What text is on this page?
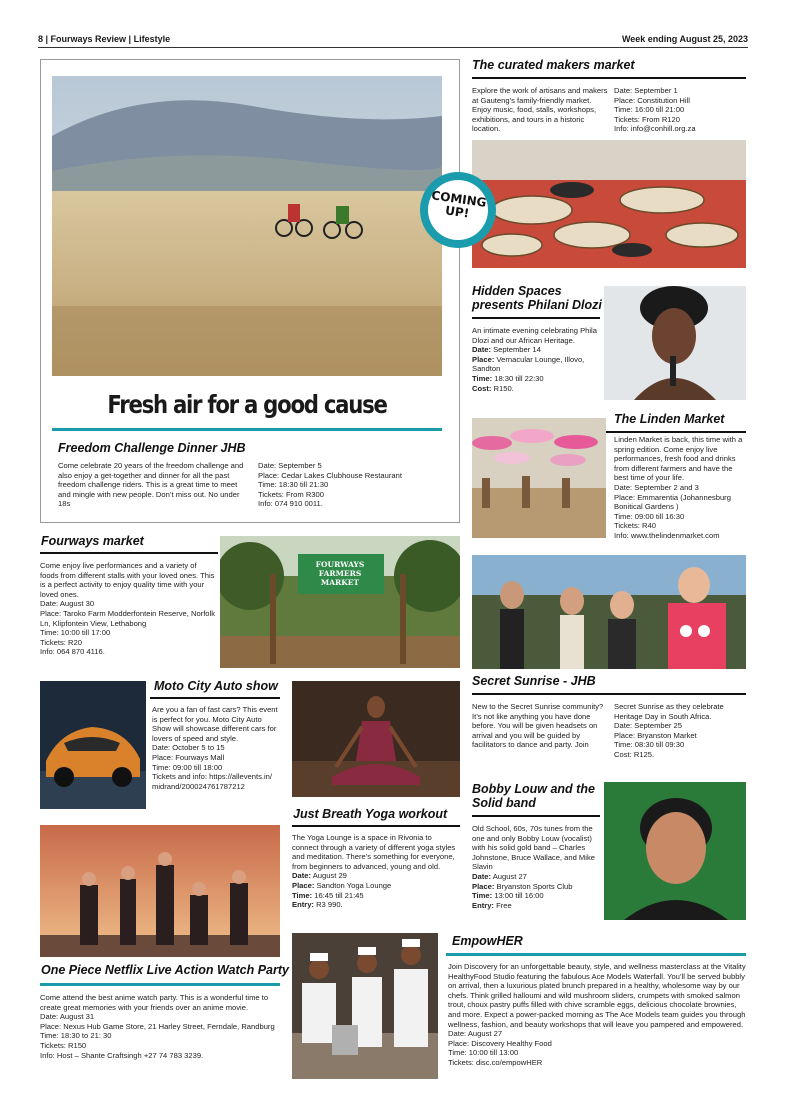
8 | Fourways Review | Lifestyle	Week ending August 25, 2023
Fresh air for a good cause
Freedom Challenge Dinner JHB
Come celebrate 20 years of the freedom challenge and also enjoy a get-together and dinner for all the past freedom challenge riders. This is a great time to meet and mingle with new people. Don’t miss out. No under 18s

Date: September 5

Place: Cedar Lakes Clubhouse Restaurant

Time: 18:30 till 21:30

Tickets: From R300

Info: 074 910 0011.

The curated makers market
Explore the work of artisans and makers at Gauteng’s family-friendly market. Enjoy music, food, stalls, workshops, exhibitions, and tours in a historic location.

Date: September 1

Place: Constitution Hill

Time: 16:00 till 21:00

Tickets: From R120

Info: info@conhill.org.za

COMING UP!
Hidden Spaces
presents Philani Dlozi

An intimate evening celebrating Phila Dlozi and our African Heritage.

Date: September 14

Place: Vernacular Lounge, Illovo, Sandton

Time: 18:30 till 22:30

Cost: R150.

The Linden Market

Linden Market is back, this time with a spring edition. Come enjoy live performances, fresh food and drinks from different farmers and have the best time of your life.

Date: September 2 and 3

Place: Emmarentia (Johannesburg Bonitical Gardens )

Time: 09:00 till 16:30

Tickets: R40

Info: www.thelindenmarket.com

Fourways market

Come enjoy live performances and a variety of foods from different stalls with your loved ones. This is a perfect activity to enjoy quality time with your loved ones.

Date: August 30

Place: Taroko Farm Modderfontein Reserve, Norfolk Ln, Klipfontein View, Lethabong

Time: 10:00 till 17:00

Tickets: R20

Info: 064 870 4116.

FOURWAYS FARMERS MARKET
Moto City Auto show

Are you a fan of fast cars? This event is perfect for you. Moto City Auto Show will showcase different cars for lovers of speed and style.

Date: October 5 to 15

Place: Fourways Mall

Time: 09:00 till 18:00

Tickets and info: https://allevents.in/ midrand/200024761787212

Just Breath Yoga workout

The Yoga Lounge is a space in Rivonia to connect through a variety of different yoga styles and meditation. There’s something for everyone, from beginners to advanced, young and old.

Date: August 29

Place: Sandton Yoga Lounge

Time: 16:45 till 21:45

Entry: R3 990.

Secret Sunrise - JHB
New to the Secret Sunrise community? It’s not like anything you have done before. You will be given headsets on arrival and you will be guided by facilitators to dance and party. Join

Secret Sunrise as they celebrate Heritage Day in South Africa.

Date: September 25

Place: Bryanston Market

Time: 08:30 till 09:30

Cost: R125.

Bobby Louw and the
Solid band

Old School, 60s, 70s tunes from the one and only Bobby Louw (vocalist) with his solid gold band – Charles Johnstone, Bruce Wallace, and Mike Slavin

Date: August 27

Place: Bryanston Sports Club

Time: 13:00 till 16:00

Entry: Free

One Piece Netflix Live Action Watch Party

Come attend the best anime watch party. This is a wonderful time to create great memories with your friends over an anime movie.

Date: August 31

Place: Nexus Hub Game Store, 21 Harley Street, Ferndale, Randburg

Time: 18:30 to 21: 30

Tickets: R150

Info: Host – Shante Craftsingh +27 74 783 3239.

EmpowHER

Join Discovery for an unforgettable beauty, style, and wellness masterclass at the Vitality HealthyFood Studio featuring the fabulous Ace Models Waterfall. You’ll be served bubbly on arrival, then a luxurious plated brunch prepared in a healthy, wholesome way by our chefs. Think grilled halloumi and wild mushroom sliders, crumpets with smoked salmon trout, choux pastry puffs filled with chive scramble eggs, delicious chocolate brownies, and more. Expect a power-packed morning as The Ace Models team guides you through wellness, fashion, and beauty workshops that will leave you pampered and empowered.

Date: August 27

Place: Discovery Healthy Food

Time: 10:00 till 13:00

Tickets: disc.co/empowHER
